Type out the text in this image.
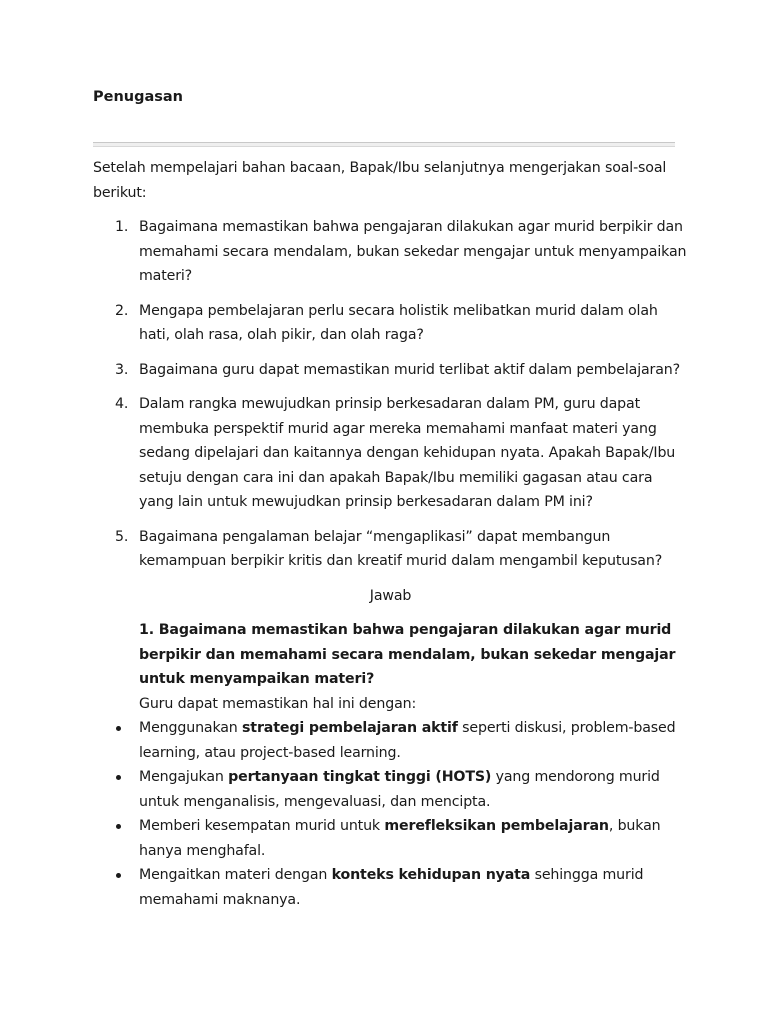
Penugasan

Setelah mempelajari bahan bacaan, Bapak/Ibu selanjutnya mengerjakan soal-soal berikut:

1. Bagaimana memastikan bahwa pengajaran dilakukan agar murid berpikir dan memahami secara mendalam, bukan sekedar mengajar untuk menyampaikan materi?
2. Mengapa pembelajaran perlu secara holistik melibatkan murid dalam olah hati, olah rasa, olah pikir, dan olah raga?
3. Bagaimana guru dapat memastikan murid terlibat aktif dalam pembelajaran?
4. Dalam rangka mewujudkan prinsip berkesadaran dalam PM, guru dapat membuka perspektif murid agar mereka memahami manfaat materi yang sedang dipelajari dan kaitannya dengan kehidupan nyata. Apakah Bapak/Ibu setuju dengan cara ini dan apakah Bapak/Ibu memiliki gagasan atau cara yang lain untuk mewujudkan prinsip berkesadaran dalam PM ini?
5. Bagaimana pengalaman belajar “mengaplikasi” dapat membangun kemampuan berpikir kritis dan kreatif murid dalam mengambil keputusan?

Jawab

1. Bagaimana memastikan bahwa pengajaran dilakukan agar murid berpikir dan memahami secara mendalam, bukan sekedar mengajar untuk menyampaikan materi?

Guru dapat memastikan hal ini dengan:

Menggunakan strategi pembelajaran aktif seperti diskusi, problem-based learning, atau project-based learning.
Mengajukan pertanyaan tingkat tinggi (HOTS) yang mendorong murid untuk menganalisis, mengevaluasi, dan mencipta.
Memberi kesempatan murid untuk merefleksikan pembelajaran, bukan hanya menghafal.
Mengaitkan materi dengan konteks kehidupan nyata sehingga murid memahami maknanya.
